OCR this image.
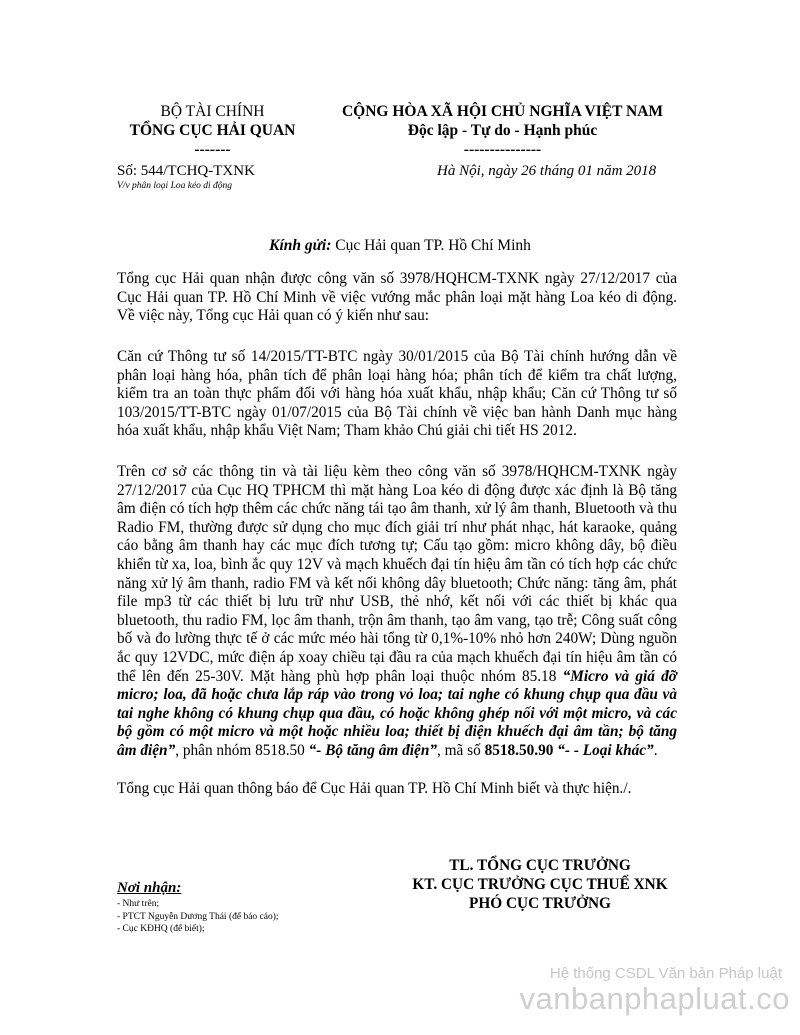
BỘ TÀI CHÍNH
TỔNG CỤC HẢI QUAN
-------
CỘNG HÒA XÃ HỘI CHỦ NGHĨA VIỆT NAM
Độc lập - Tự do - Hạnh phúc
---------------
Số: 544/TCHQ-TXNK
V/v phân loại Loa kéo di động
Hà Nội, ngày 26 tháng 01 năm 2018
Kính gửi: Cục Hải quan TP. Hồ Chí Minh

Tổng cục Hải quan nhận được công văn số 3978/HQHCM-TXNK ngày 27/12/2017 của Cục Hải quan TP. Hồ Chí Minh về việc vướng mắc phân loại mặt hàng Loa kéo di động. Về việc này, Tổng cục Hải quan có ý kiến như sau:

Căn cứ Thông tư số 14/2015/TT-BTC ngày 30/01/2015 của Bộ Tài chính hướng dẫn về phân loại hàng hóa, phân tích để phân loại hàng hóa; phân tích để kiểm tra chất lượng, kiểm tra an toàn thực phẩm đối với hàng hóa xuất khẩu, nhập khẩu; Căn cứ Thông tư số 103/2015/TT-BTC ngày 01/07/2015 của Bộ Tài chính về việc ban hành Danh mục hàng hóa xuất khẩu, nhập khẩu Việt Nam; Tham khảo Chú giải chi tiết HS 2012.

Trên cơ sở các thông tin và tài liệu kèm theo công văn số 3978/HQHCM-TXNK ngày 27/12/2017 của Cục HQ TPHCM thì mặt hàng Loa kéo di động được xác định là Bộ tăng âm điện có tích hợp thêm các chức năng tái tạo âm thanh, xử lý âm thanh, Bluetooth và thu Radio FM, thường được sử dụng cho mục đích giải trí như phát nhạc, hát karaoke, quảng cáo bằng âm thanh hay các mục đích tương tự; Cấu tạo gồm: micro không dây, bộ điều khiển từ xa, loa, bình ắc quy 12V và mạch khuếch đại tín hiệu âm tần có tích hợp các chức năng xử lý âm thanh, radio FM và kết nối không dây bluetooth; Chức năng: tăng âm, phát file mp3 từ các thiết bị lưu trữ như USB, thẻ nhớ, kết nối với các thiết bị khác qua bluetooth, thu radio FM, lọc âm thanh, trộn âm thanh, tạo âm vang, tạo trễ; Công suất công bố và đo lường thực tế ở các mức méo hài tổng từ 0,1%-10% nhỏ hơn 240W; Dùng nguồn ắc quy 12VDC, mức điện áp xoay chiều tại đầu ra của mạch khuếch đại tín hiệu âm tần có thể lên đến 25-30V. Mặt hàng phù hợp phân loại thuộc nhóm 85.18 “Micro và giá đỡ micro; loa, đã hoặc chưa lắp ráp vào trong vỏ loa; tai nghe có khung chụp qua đầu và tai nghe không có khung chụp qua đầu, có hoặc không ghép nối với một micro, và các bộ gồm có một micro và một hoặc nhiều loa; thiết bị điện khuếch đại âm tần; bộ tăng âm điện”, phân nhóm 8518.50 “- Bộ tăng âm điện”, mã số 8518.50.90 “- - Loại khác”.

Tổng cục Hải quan thông báo để Cục Hải quan TP. Hồ Chí Minh biết và thực hiện./.

TL. TỔNG CỤC TRƯỞNG
KT. CỤC TRƯỞNG CỤC THUẾ XNK
PHÓ CỤC TRƯỞNG
Nơi nhận:
- Như trên;
- PTCT Nguyễn Dương Thái (để báo cáo);
- Cục KĐHQ (để biết);
Hệ thống CSDL Văn bản Pháp luật
vanbanphapluat.co
